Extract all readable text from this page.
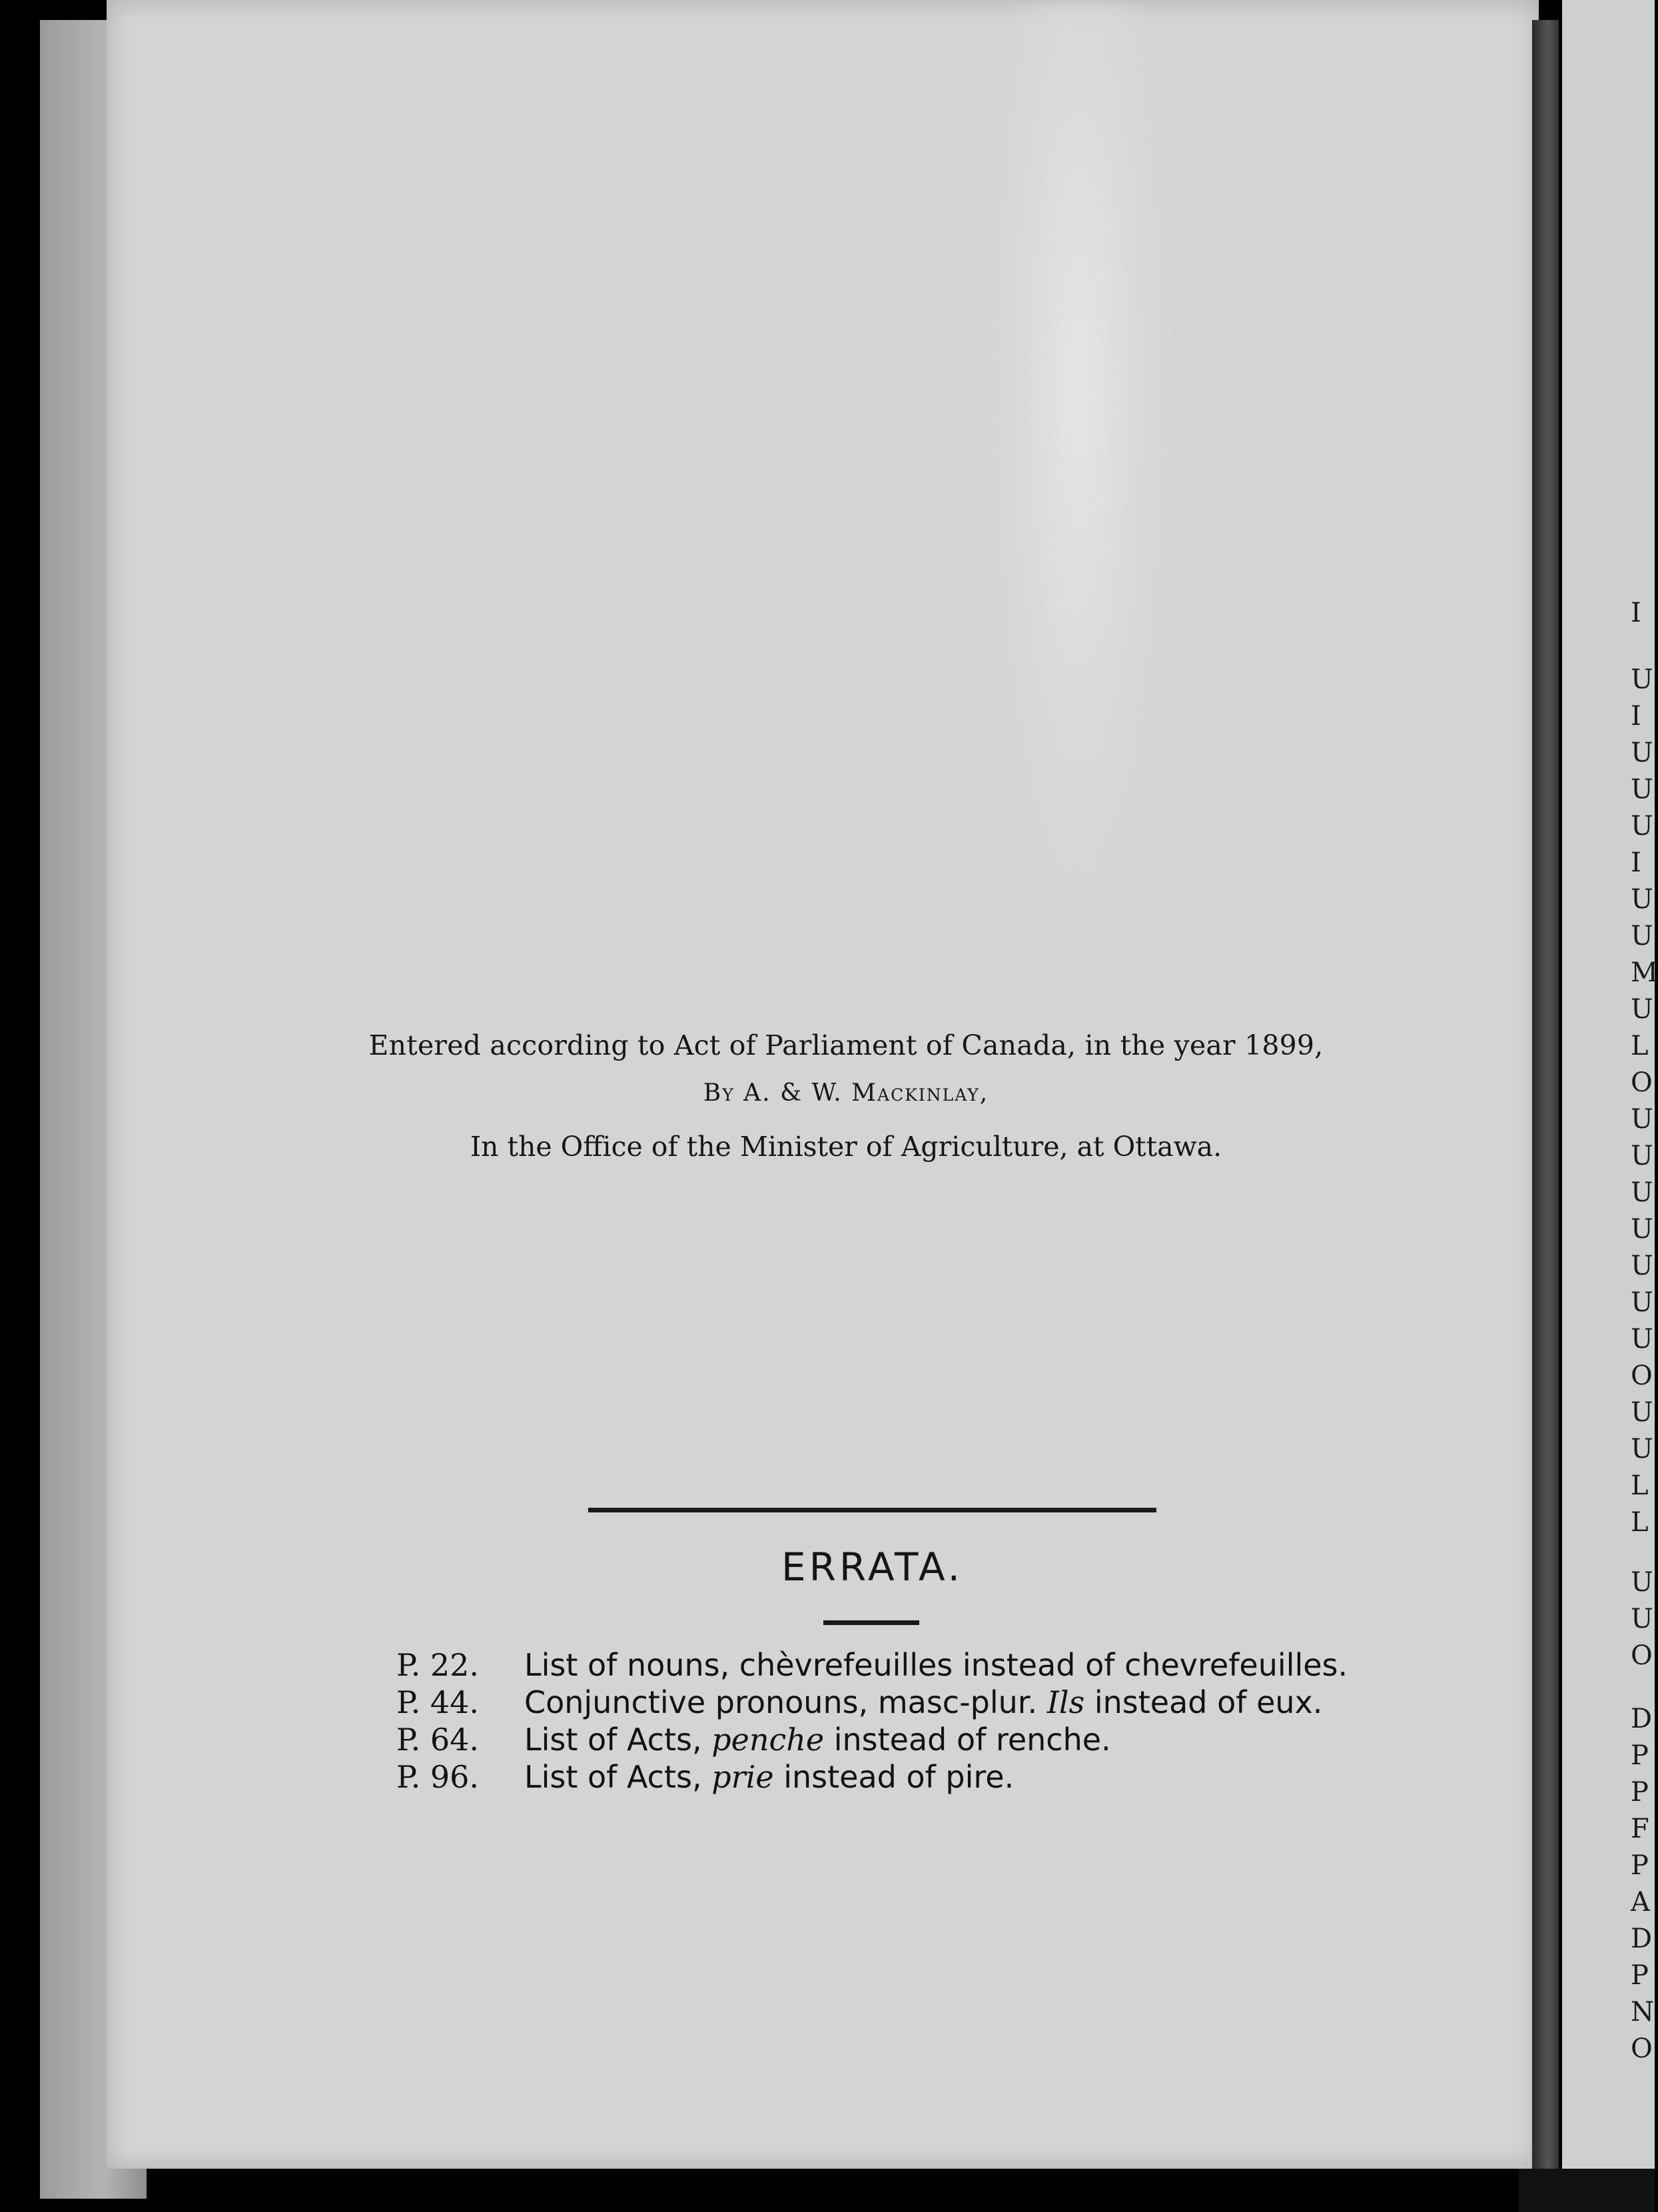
Entered according to Act of Parliament of Canada, in the year 1899,
By A. & W. Mackinlay,
In the Office of the Minister of Agriculture, at Ottawa.
ERRATA.
P. 22.	List of nouns, chèvrefeuilles instead of chevrefeuilles.
P. 44.	Conjunctive pronouns, masc-plur. Ils instead of eux.
P. 64.	List of Acts, penche instead of renche.
P. 96.	List of Acts, prie instead of pire.
I
U
I
U
U
U
I
U
U
M
U
L
O
U
U
U
U
U
U
U
O
U
U
L
L
U
U
O
D
P
P
F
P
A
D
P
N
O
